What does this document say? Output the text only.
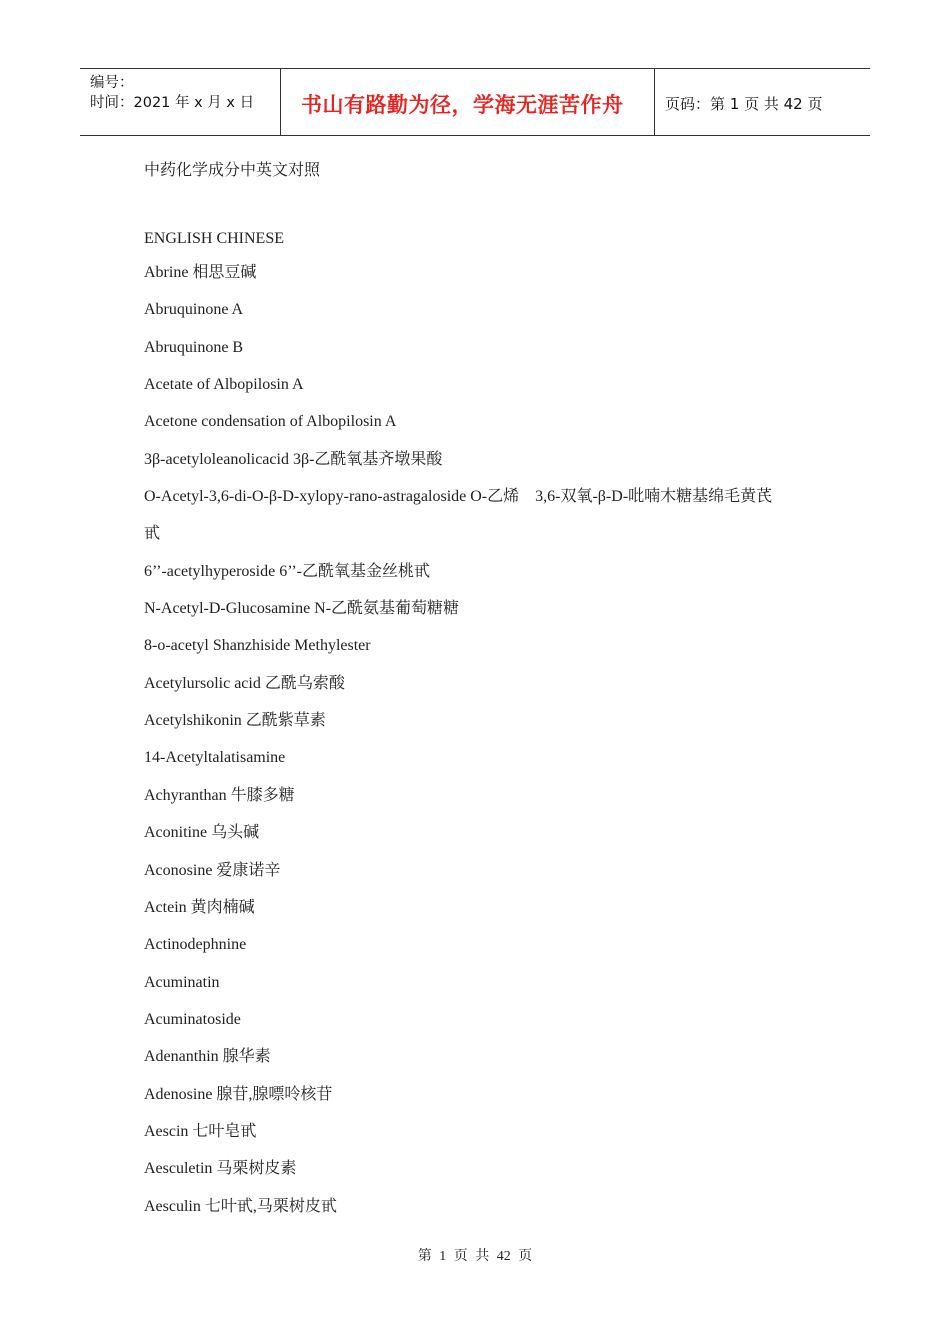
编号：
时间：2021 年 x 月 x 日	书山有路勤为径，学海无涯苦作舟	页码：第 1 页 共 42 页
中药化学成分中英文对照
ENGLISH CHINESE
Abrine 相思豆碱
Abruquinone A
Abruquinone B
Acetate of Albopilosin A
Acetone condensation of Albopilosin A
3β-acetyloleanolicacid 3β-乙酰氧基齐墩果酸
O-Acetyl-3,6-di-O-β-D-xylopy-rano-astragaloside O-乙烯    3,6-双氧-β-D-吡喃木糖基绵毛黄芪
甙
6’’-acetylhyperoside 6’’-乙酰氧基金丝桃甙
N-Acetyl-D-Glucosamine N-乙酰氨基葡萄糖糖
8-o-acetyl Shanzhiside Methylester
Acetylursolic acid 乙酰乌索酸
Acetylshikonin 乙酰紫草素
14-Acetyltalatisamine
Achyranthan 牛膝多糖
Aconitine 乌头碱
Aconosine 爱康诺辛
Actein 黄肉楠碱
Actinodephnine
Acuminatin
Acuminatoside
Adenanthin 腺华素
Adenosine 腺苷,腺嘌呤核苷
Aescin 七叶皂甙
Aesculetin 马栗树皮素
Aesculin 七叶甙,马栗树皮甙
第 1 页 共 42 页
